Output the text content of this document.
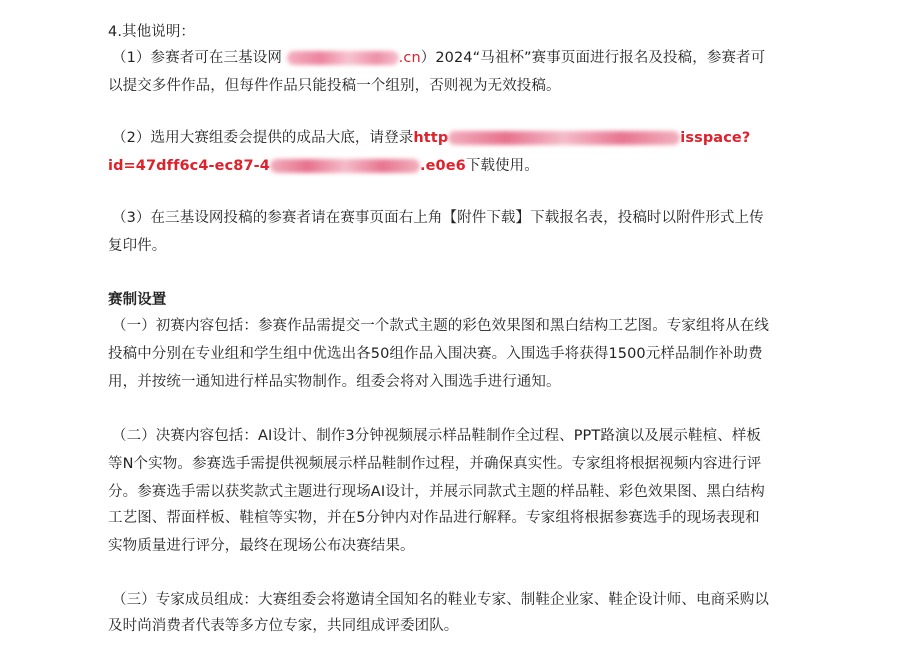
4.其他说明：
（1）参赛者可在三基设网	.cn）2024“马祖杯”赛事页面进行报名及投稿，参赛者可
以提交多件作品，但每件作品只能投稿一个组别，否则视为无效投稿。
（2）选用大赛组委会提供的成品大底，请登录http	isspace?
id=47dff6c4-ec87-4	.e0e6下载使用。
（3）在三基设网投稿的参赛者请在赛事页面右上角【附件下载】下载报名表，投稿时以附件形式上传
复印件。
赛制设置
（一）初赛内容包括：参赛作品需提交一个款式主题的彩色效果图和黑白结构工艺图。专家组将从在线
投稿中分别在专业组和学生组中优选出各50组作品入围决赛。入围选手将获得1500元样品制作补助费
用，并按统一通知进行样品实物制作。组委会将对入围选手进行通知。
（二）决赛内容包括：AI设计、制作3分钟视频展示样品鞋制作全过程、PPT路演以及展示鞋楦、样板
等N个实物。参赛选手需提供视频展示样品鞋制作过程，并确保真实性。专家组将根据视频内容进行评
分。参赛选手需以获奖款式主题进行现场AI设计，并展示同款式主题的样品鞋、彩色效果图、黑白结构
工艺图、帮面样板、鞋楦等实物，并在5分钟内对作品进行解释。专家组将根据参赛选手的现场表现和
实物质量进行评分，最终在现场公布决赛结果。
（三）专家成员组成：大赛组委会将邀请全国知名的鞋业专家、制鞋企业家、鞋企设计师、电商采购以
及时尚消费者代表等多方位专家，共同组成评委团队。
